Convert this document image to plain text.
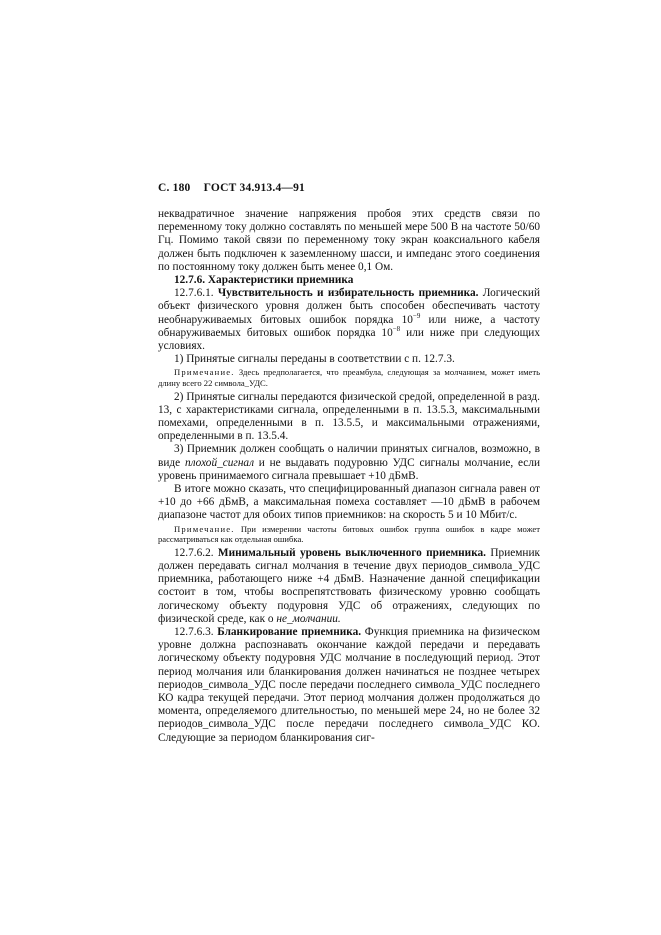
С. 180 ГОСТ 34.913.4—91

неквадратичное значение напряжения пробоя этих средств связи по переменному току должно составлять по меньшей мере 500 В на частоте 50/60 Гц. Помимо такой связи по переменному току экран коаксиального кабеля должен быть подключен к заземленному шасси, и импеданс этого соединения по постоянному току должен быть менее 0,1 Ом.

12.7.6. Характеристики приемника

12.7.6.1. Чувствительность и избирательность приемника. Логический объект физического уровня должен быть способен обеспечивать частоту необнаруживаемых битовых ошибок порядка $10^{-9}$ или ниже, а частоту обнаруживаемых битовых ошибок порядка $10^{-8}$ или ниже при следующих условиях.

1) Принятые сигналы переданы в соответствии с п. 12.7.3.

Примечание. Здесь предполагается, что преамбула, следующая за молчанием, может иметь длину всего 22 символа_УДС.

2) Принятые сигналы передаются физической средой, определенной в разд. 13, с характеристиками сигнала, определенными в п. 13.5.3, максимальными помехами, определенными в п. 13.5.5, и максимальными отражениями, определенными в п. 13.5.4.

3) Приемник должен сообщать о наличии принятых сигналов, возможно, в виде плохой_сигнал и не выдавать подуровню УДС сигналы молчание, если уровень принимаемого сигнала превышает +10 дБмВ.

В итоге можно сказать, что специфицированный диапазон сигнала равен от +10 до +66 дБмВ, а максимальная помеха составляет —10 дБмВ в рабочем диапазоне частот для обоих типов приемников: на скорость 5 и 10 Мбит/с.

Примечание. При измерении частоты битовых ошибок группа ошибок в кадре может рассматриваться как отдельная ошибка.

12.7.6.2. Минимальный уровень выключенного приемника. Приемник должен передавать сигнал молчания в течение двух периодов_символа_УДС приемника, работающего ниже +4 дБмВ. Назначение данной спецификации состоит в том, чтобы воспрепятствовать физическому уровню сообщать логическому объекту подуровня УДС об отражениях, следующих по физической среде, как о не_молчании.

12.7.6.3. Бланкирование приемника. Функция приемника на физическом уровне должна распознавать окончание каждой передачи и передавать логическому объекту подуровня УДС молчание в последующий период. Этот период молчания или бланкирования должен начинаться не позднее четырех периодов_символа_УДС после передачи последнего символа_УДС последнего КО кадра текущей передачи. Этот период молчания должен продолжаться до момента, определяемого длительностью, по меньшей мере 24, но не более 32 периодов_символа_УДС после передачи последнего символа_УДС КО. Следующие за периодом бланкирования сиг-
